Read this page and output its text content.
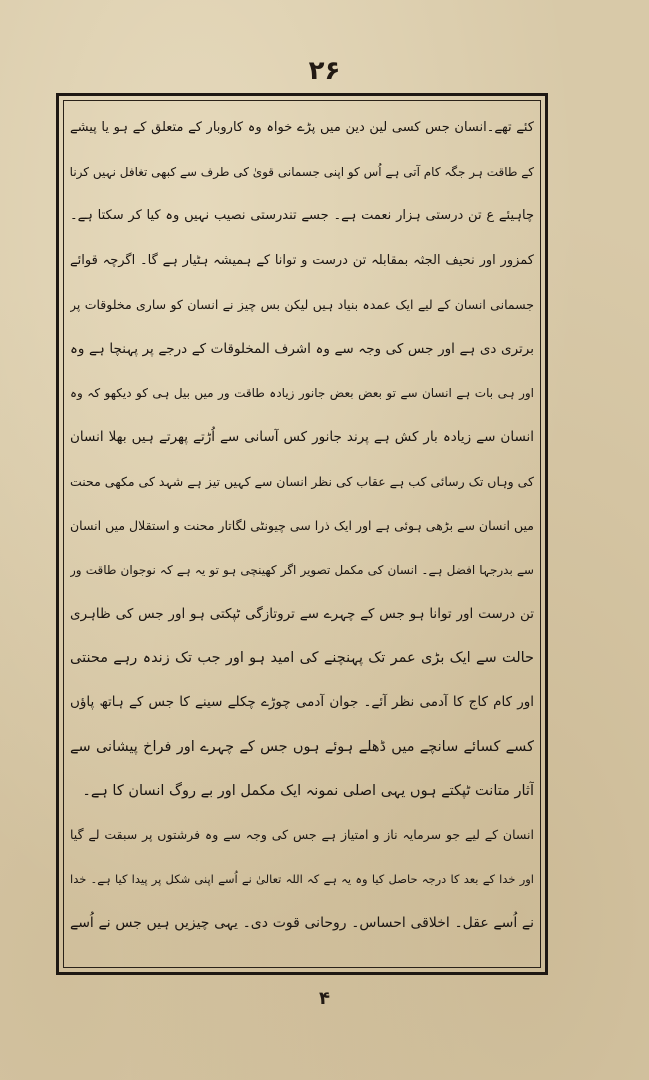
۲۶
کئے تھے۔انسان جس کسی لین دین میں پڑے خواہ وہ کاروبار کے متعلق کے ہو یا پیشے
کے طاقت ہر جگہ کام آتی ہے اُس کو اپنی جسمانی قویٰ کی طرف سے کبھی تغافل نہیں کرنا
چاہیئے ع تن درستی ہزار نعمت ہے۔ جسے تندرستی نصیب نہیں وہ کیا کر سکتا ہے۔
کمزور اور نحیف الجثہ بمقابلہ تن درست و توانا کے ہمیشہ ہٹیار ہے گا۔ اگرچہ قوائے
جسمانی انسان کے لیے ایک عمدہ بنیاد ہیں لیکن بس چیز نے انسان کو ساری مخلوقات پر
برتری دی ہے اور جس کی وجہ سے وہ اشرف المخلوقات کے درجے پر پہنچا ہے وہ
اور ہی بات ہے انسان سے تو بعض بعض جانور زیادہ طاقت ور میں بیل ہی کو دیکھو کہ وہ
انسان سے زیادہ بار کش ہے پرند جانور کس آسانی سے اُڑتے پھرتے ہیں بھلا انسان
کی وہاں تک رسائی کب ہے عقاب کی نظر انسان سے کہیں تیز ہے شہد کی مکھی محنت
میں انسان سے بڑھی ہوئی ہے اور ایک ذرا سی چیونٹی لگاتار محنت و استقلال میں انسان
سے بدرجہا افضل ہے۔ انسان کی مکمل تصویر اگر کھینچی ہو تو یہ ہے کہ نوجوان طاقت ور
تن درست اور توانا ہو جس کے چہرے سے تروتازگی ٹپکتی ہو اور جس کی ظاہری
حالت سے ایک بڑی عمر تک پہنچنے کی امید ہو اور جب تک زندہ رہے محنتی
اور کام کاج کا آدمی نظر آئے۔ جوان آدمی چوڑے چکلے سینے کا جس کے ہاتھ پاؤں
کسے کسائے سانچے میں ڈھلے ہوئے ہوں جس کے چہرے اور فراخ پیشانی سے
آثار متانت ٹپکتے ہوں یہی اصلی نمونہ ایک مکمل اور بے روگ انسان کا ہے۔
انسان کے لیے جو سرمایہ ناز و امتیاز ہے جس کی وجہ سے وہ فرشتوں پر سبقت لے گیا
اور خدا کے بعد کا درجہ حاصل کیا وہ یہ ہے کہ اللہ تعالیٰ نے اُسے اپنی شکل پر پیدا کیا ہے۔ خدا
نے اُسے عقل۔ اخلاقی احساس۔ روحانی قوت دی۔ یہی چیزیں ہیں جس نے اُسے
۴
